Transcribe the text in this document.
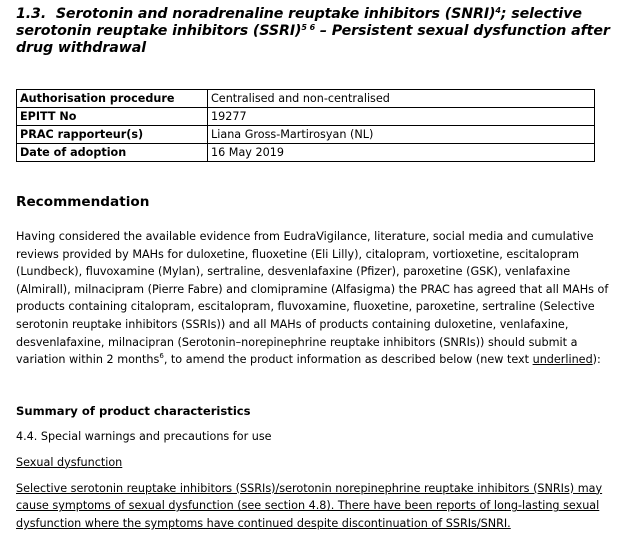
1.3. Serotonin and noradrenaline reuptake inhibitors (SNRI)$^4$; selective serotonin reuptake inhibitors (SSRI)$^{5 6}$ – Persistent sexual dysfunction after drug withdrawal
Authorisation procedure	Centralised and non-centralised
EPITT No	19277
PRAC rapporteur(s)	Liana Gross-Martirosyan (NL)
Date of adoption	16 May 2019
Recommendation

Having considered the available evidence from EudraVigilance, literature, social media and cumulative reviews provided by MAHs for duloxetine, fluoxetine (Eli Lilly), citalopram, vortioxetine, escitalopram (Lundbeck), fluvoxamine (Mylan), sertraline, desvenlafaxine (Pfizer), paroxetine (GSK), venlafaxine (Almirall), milnacipram (Pierre Fabre) and clomipramine (Alfasigma) the PRAC has agreed that all MAHs of products containing citalopram, escitalopram, fluvoxamine, fluoxetine, paroxetine, sertraline (Selective serotonin reuptake inhibitors (SSRIs)) and all MAHs of products containing duloxetine, venlafaxine, desvenlafaxine, milnacipran (Serotonin–norepinephrine reuptake inhibitors (SNRIs)) should submit a variation within 2 months$^6$, to amend the product information as described below (new text underlined):

Summary of product characteristics

4.4. Special warnings and precautions for use

Sexual dysfunction

Selective serotonin reuptake inhibitors (SSRIs)/serotonin norepinephrine reuptake inhibitors (SNRIs) may cause symptoms of sexual dysfunction (see section 4.8). There have been reports of long-lasting sexual dysfunction where the symptoms have continued despite discontinuation of SSRIs/SNRI.
